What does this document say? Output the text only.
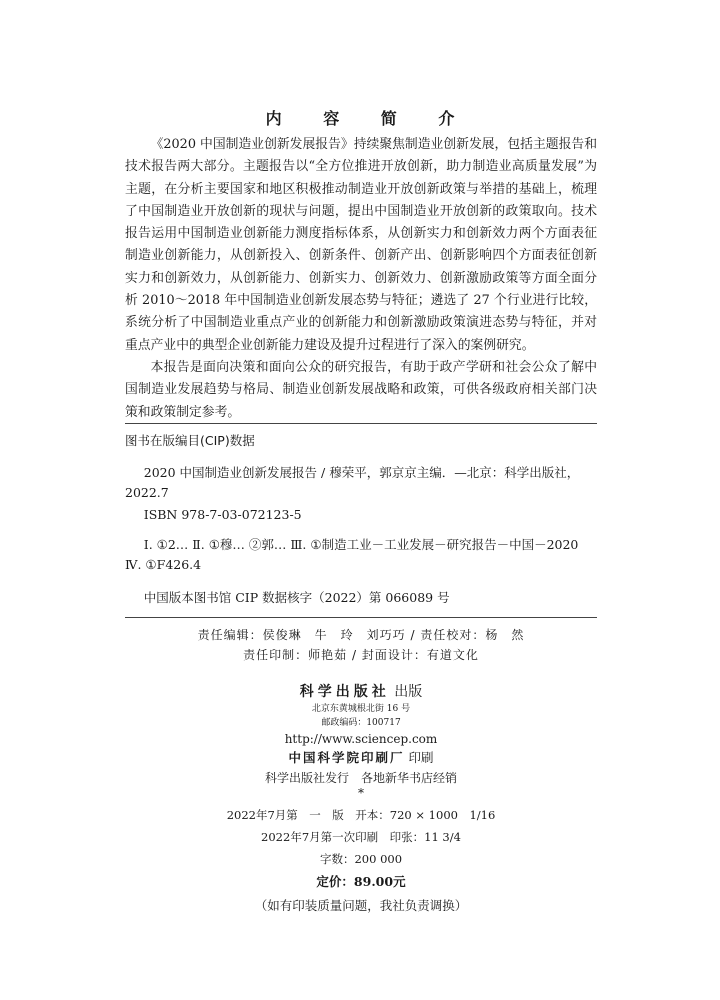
内 容 简 介

《2020 中国制造业创新发展报告》持续聚焦制造业创新发展，包括主题报告和技术报告两大部分。主题报告以“全方位推进开放创新，助力制造业高质量发展”为主题，在分析主要国家和地区积极推动制造业开放创新政策与举措的基础上，梳理了中国制造业开放创新的现状与问题，提出中国制造业开放创新的政策取向。技术报告运用中国制造业创新能力测度指标体系，从创新实力和创新效力两个方面表征制造业创新能力，从创新投入、创新条件、创新产出、创新影响四个方面表征创新实力和创新效力，从创新能力、创新实力、创新效力、创新激励政策等方面全面分析 2010～2018 年中国制造业创新发展态势与特征；遴选了 27 个行业进行比较，系统分析了中国制造业重点产业的创新能力和创新激励政策演进态势与特征，并对重点产业中的典型企业创新能力建设及提升过程进行了深入的案例研究。

本报告是面向决策和面向公众的研究报告，有助于政产学研和社会公众了解中国制造业发展趋势与格局、制造业创新发展战略和政策，可供各级政府相关部门决策和政策制定参考。

图书在版编目(CIP)数据

2020 中国制造业创新发展报告 / 穆荣平，郭京京主编．—北京：科学出版社，2022.7

ISBN 978-7-03-072123-5

Ⅰ. ①2… Ⅱ. ①穆… ②郭… Ⅲ. ①制造工业－工业发展－研究报告－中国－2020 Ⅳ. ①F426.4

中国版本图书馆 CIP 数据核字（2022）第 066089 号

责任编辑：侯俊琳　牛　玲　刘巧巧 / 责任校对：杨　然
责任印制：师艳茹 / 封面设计：有道文化
科学出版社 出版
北京东黄城根北街 16 号
邮政编码：100717
http://www.sciencep.com
中国科学院印刷厂 印刷
科学出版社发行　各地新华书店经销
*
2022年7月第　一　版　开本：720 × 1000　1/16
2022年7月第一次印刷　印张：11 3/4
字数：200 000
定价：89.00元
（如有印装质量问题，我社负责调换）
